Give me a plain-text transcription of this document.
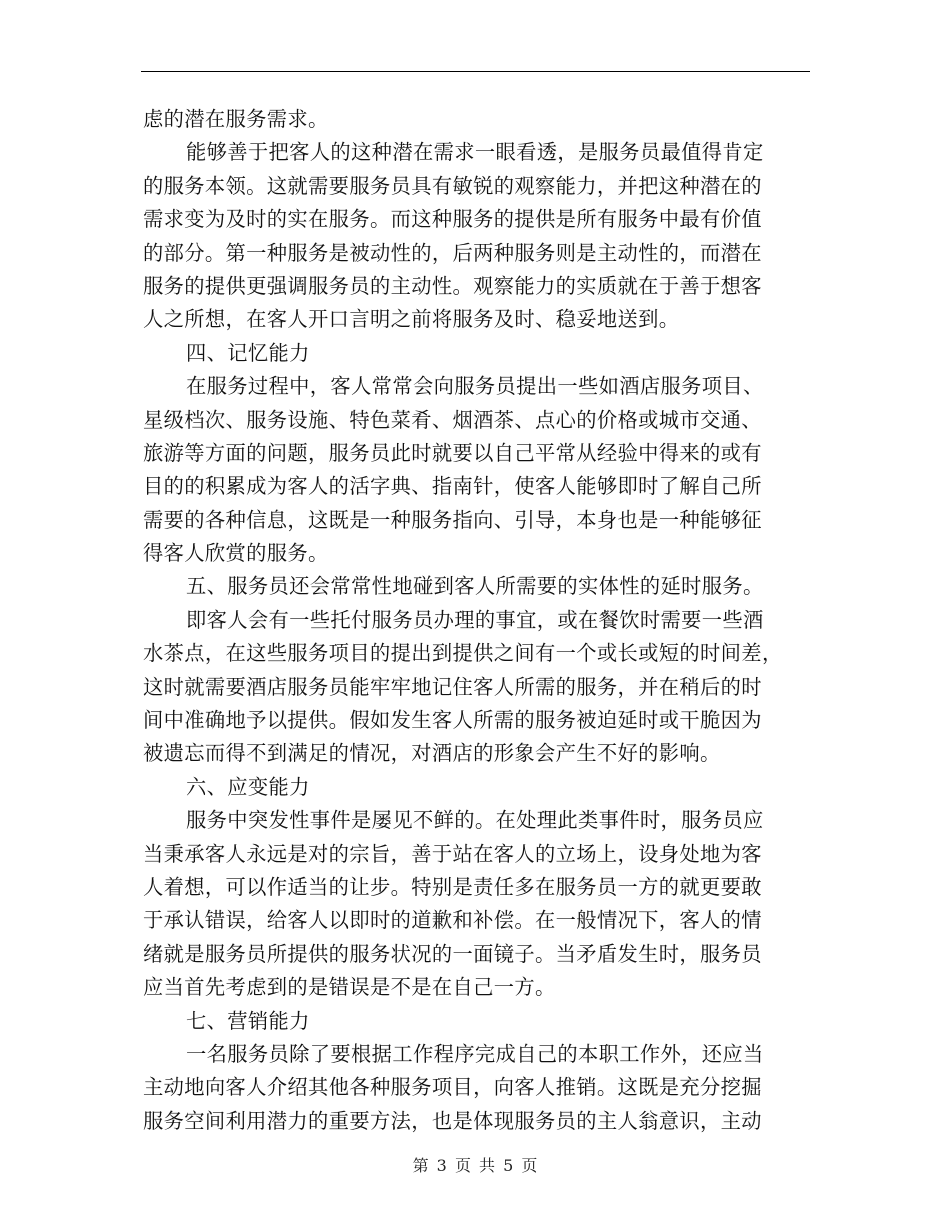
虑的潜在服务需求。
能够善于把客人的这种潜在需求一眼看透，是服务员最值得肯定
的服务本领。这就需要服务员具有敏锐的观察能力，并把这种潜在的
需求变为及时的实在服务。而这种服务的提供是所有服务中最有价值
的部分。第一种服务是被动性的，后两种服务则是主动性的，而潜在
服务的提供更强调服务员的主动性。观察能力的实质就在于善于想客
人之所想，在客人开口言明之前将服务及时、稳妥地送到。
四、记忆能力
在服务过程中，客人常常会向服务员提出一些如酒店服务项目、
星级档次、服务设施、特色菜肴、烟酒茶、点心的价格或城市交通、
旅游等方面的问题，服务员此时就要以自己平常从经验中得来的或有
目的的积累成为客人的活字典、指南针，使客人能够即时了解自己所
需要的各种信息，这既是一种服务指向、引导，本身也是一种能够征
得客人欣赏的服务。
五、服务员还会常常性地碰到客人所需要的实体性的延时服务。
即客人会有一些托付服务员办理的事宜，或在餐饮时需要一些酒
水茶点，在这些服务项目的提出到提供之间有一个或长或短的时间差，
这时就需要酒店服务员能牢牢地记住客人所需的服务，并在稍后的时
间中准确地予以提供。假如发生客人所需的服务被迫延时或干脆因为
被遗忘而得不到满足的情况，对酒店的形象会产生不好的影响。
六、应变能力
服务中突发性事件是屡见不鲜的。在处理此类事件时，服务员应
当秉承客人永远是对的宗旨，善于站在客人的立场上，设身处地为客
人着想，可以作适当的让步。特别是责任多在服务员一方的就更要敢
于承认错误，给客人以即时的道歉和补偿。在一般情况下，客人的情
绪就是服务员所提供的服务状况的一面镜子。当矛盾发生时，服务员
应当首先考虑到的是错误是不是在自己一方。
七、营销能力
一名服务员除了要根据工作程序完成自己的本职工作外，还应当
主动地向客人介绍其他各种服务项目，向客人推销。这既是充分挖掘
服务空间利用潜力的重要方法，也是体现服务员的主人翁意识，主动
第 3 页 共 5 页
